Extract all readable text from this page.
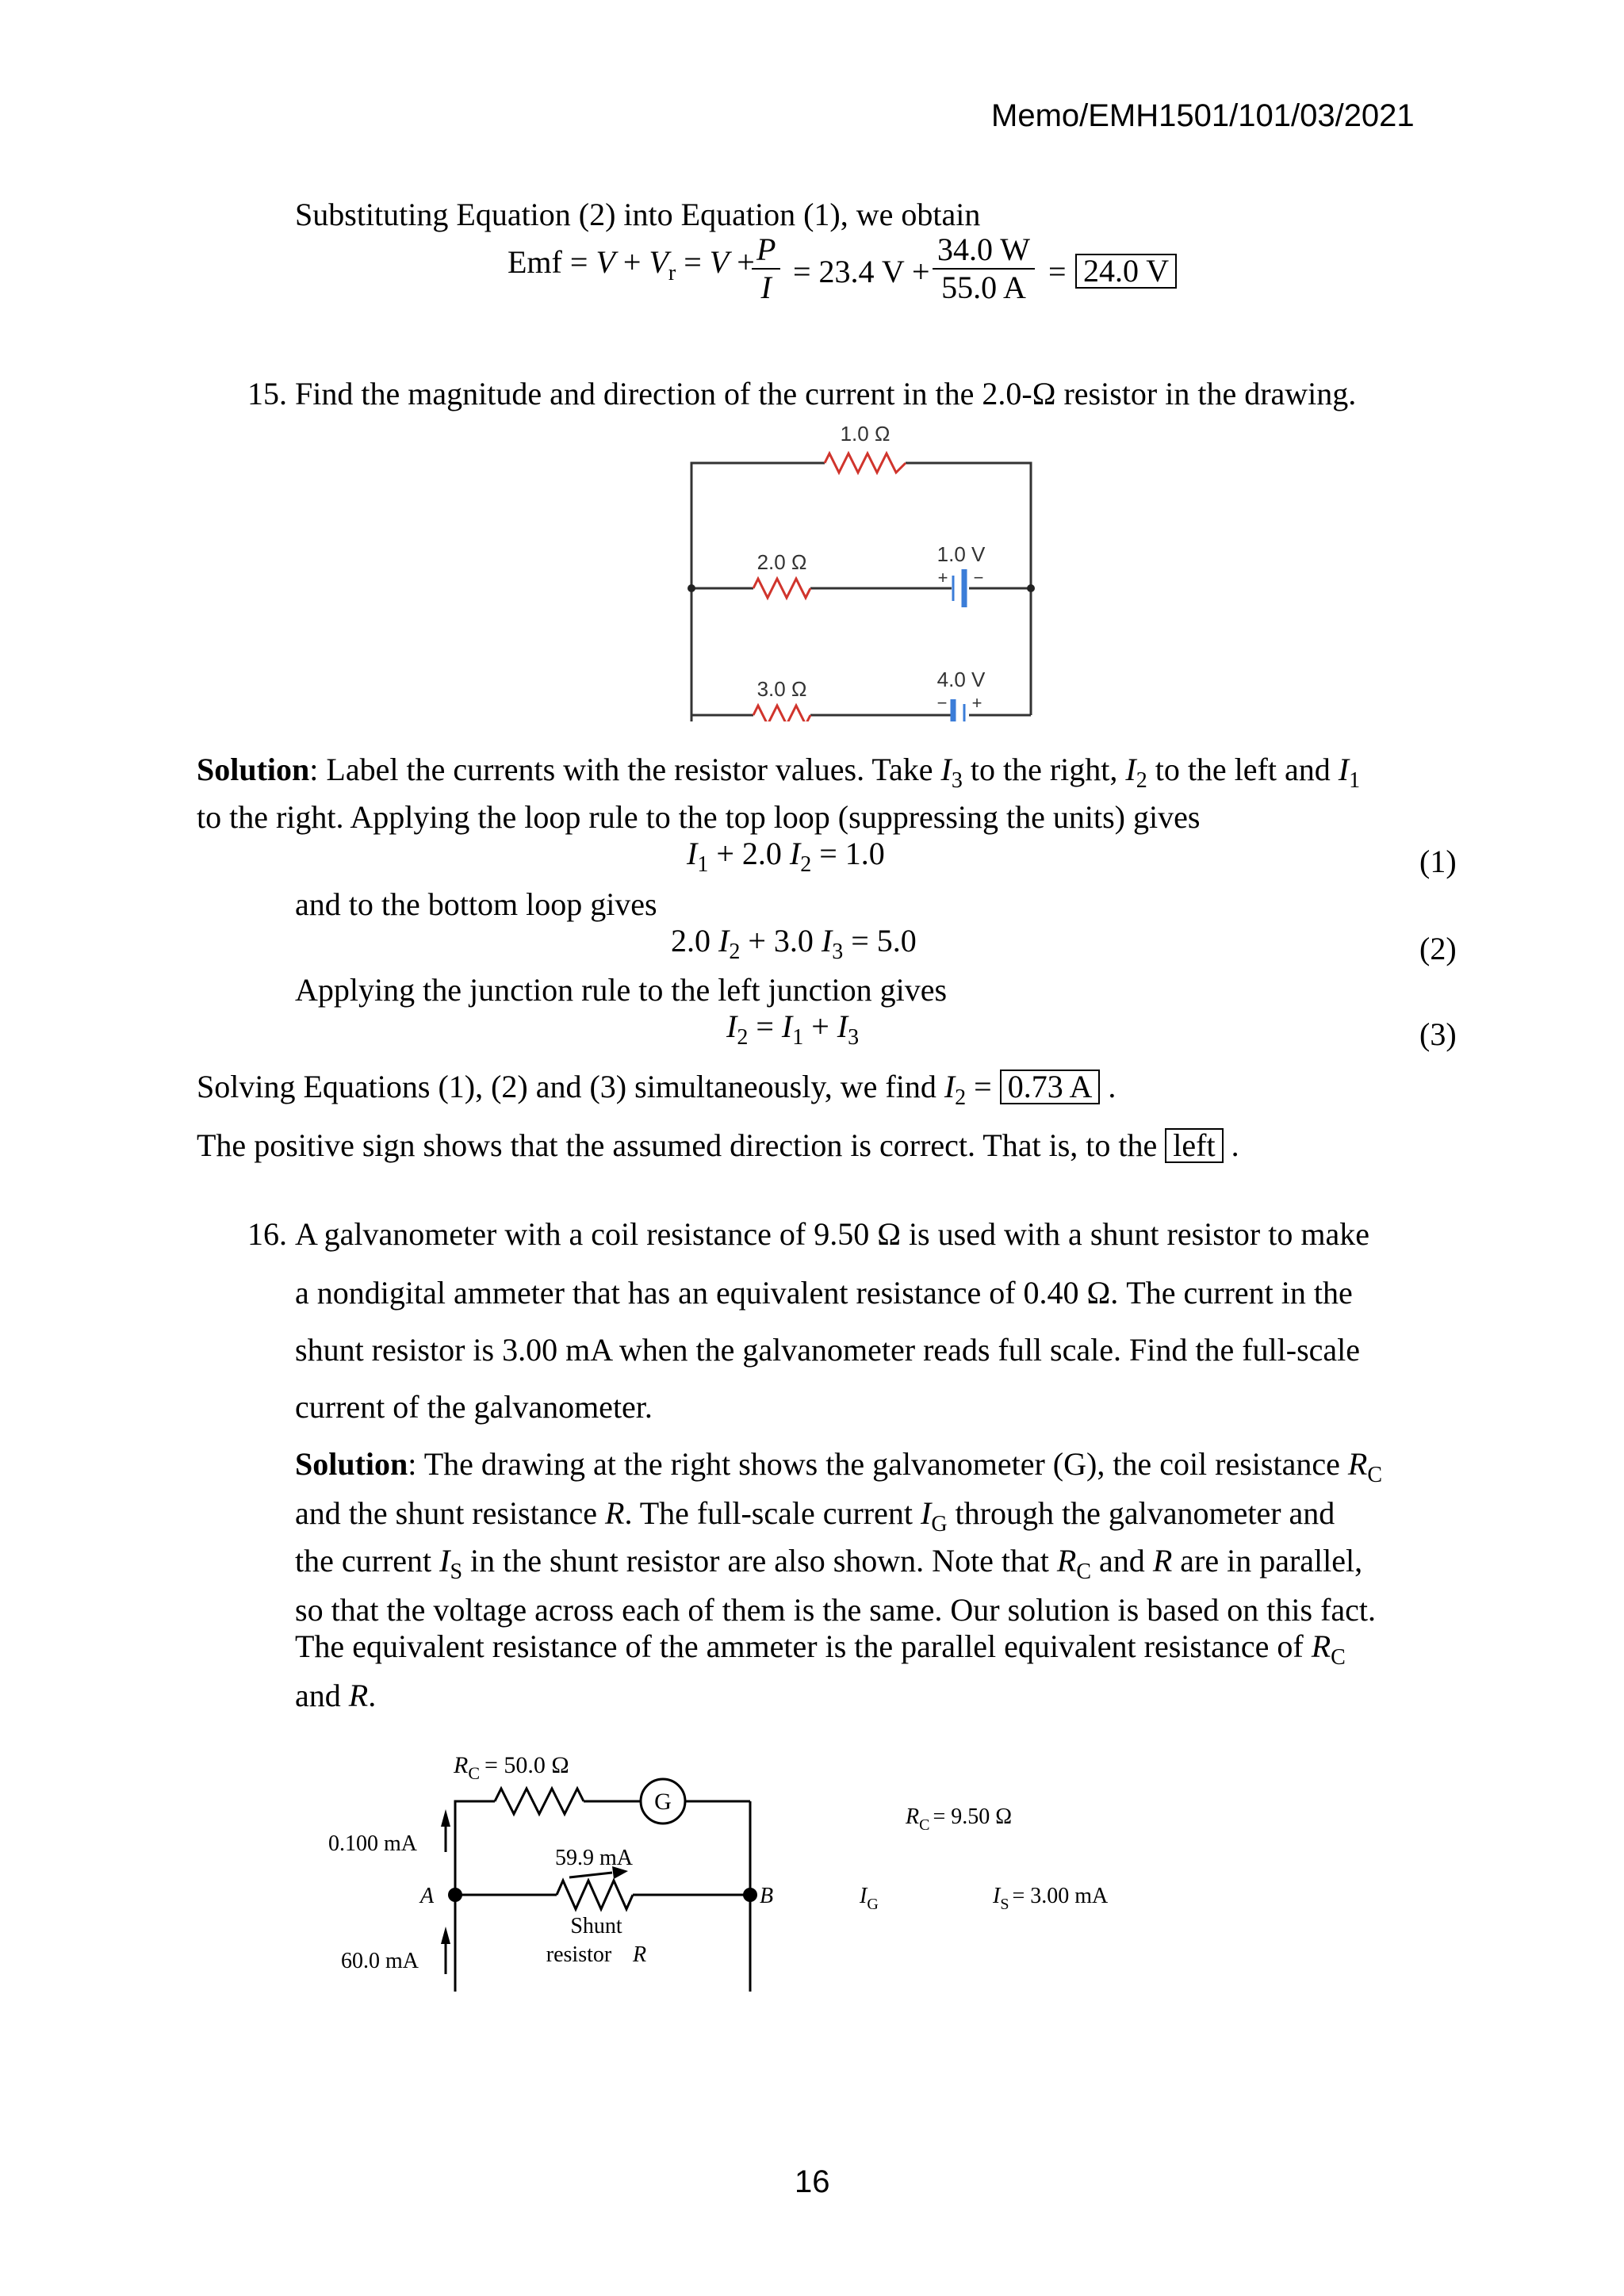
Memo/EMH1501/101/03/2021
Substituting Equation (2) into Equation (1), we obtain
Emf = $V + V_r = V$ +
$\frac{P}{I} = 23.4$ $V + \frac{34.0 W}{55.0 A} = 24.0$ V
15. Find the magnitude and direction of the current in the 2.0-Ω resistor in the drawing.
1.0 Ω
2.0 Ω
3.0 Ω
1.0 V
4.0 V
+ −
− +
Solution: Label the currents with the resistor values. Take $I_3$ to the right, $I_2$ to the left and $I_1$
to the right. Applying the loop rule to the top loop (suppressing the units) gives
$I_1 + 2.0$ $I_2 = 1.0$	(1)
and to the bottom loop gives
2.0 $I_2 + 3.0$ $I_3 = 5.0$	(2)
Applying the junction rule to the left junction gives
$I_2 = I_1 + I_3$	(3)
Solving Equations (1), (2) and (3) simultaneously, we find $I_2 = 0.73$ A .
The positive sign shows that the assumed direction is correct. That is, to the left .
16. A galvanometer with a coil resistance of 9.50 Ω is used with a shunt resistor to make
a nondigital ammeter that has an equivalent resistance of 0.40 Ω. The current in the
shunt resistor is 3.00 mA when the galvanometer reads full scale. Find the full-scale
current of the galvanometer.
Solution: The drawing at the right shows the galvanometer (G), the coil resistance $R_C$
and the shunt resistance R. The full-scale current $I_G$ through the galvanometer and
the current $I_S$ in the shunt resistor are also shown. Note that $R_C$ and R are in parallel,
so that the voltage across each of them is the same. Our solution is based on this fact.
The equivalent resistance of the ammeter is the parallel equivalent resistance of $R_C$
and R.
$R_C = 50.0$ Ω
G
0.100 mA
59.9 mA
60.0 mA
A	B
Shunt
resistor R
$R_C = 9.50$ Ω
$I_G$	$I_S = 3.00$ mA
16
